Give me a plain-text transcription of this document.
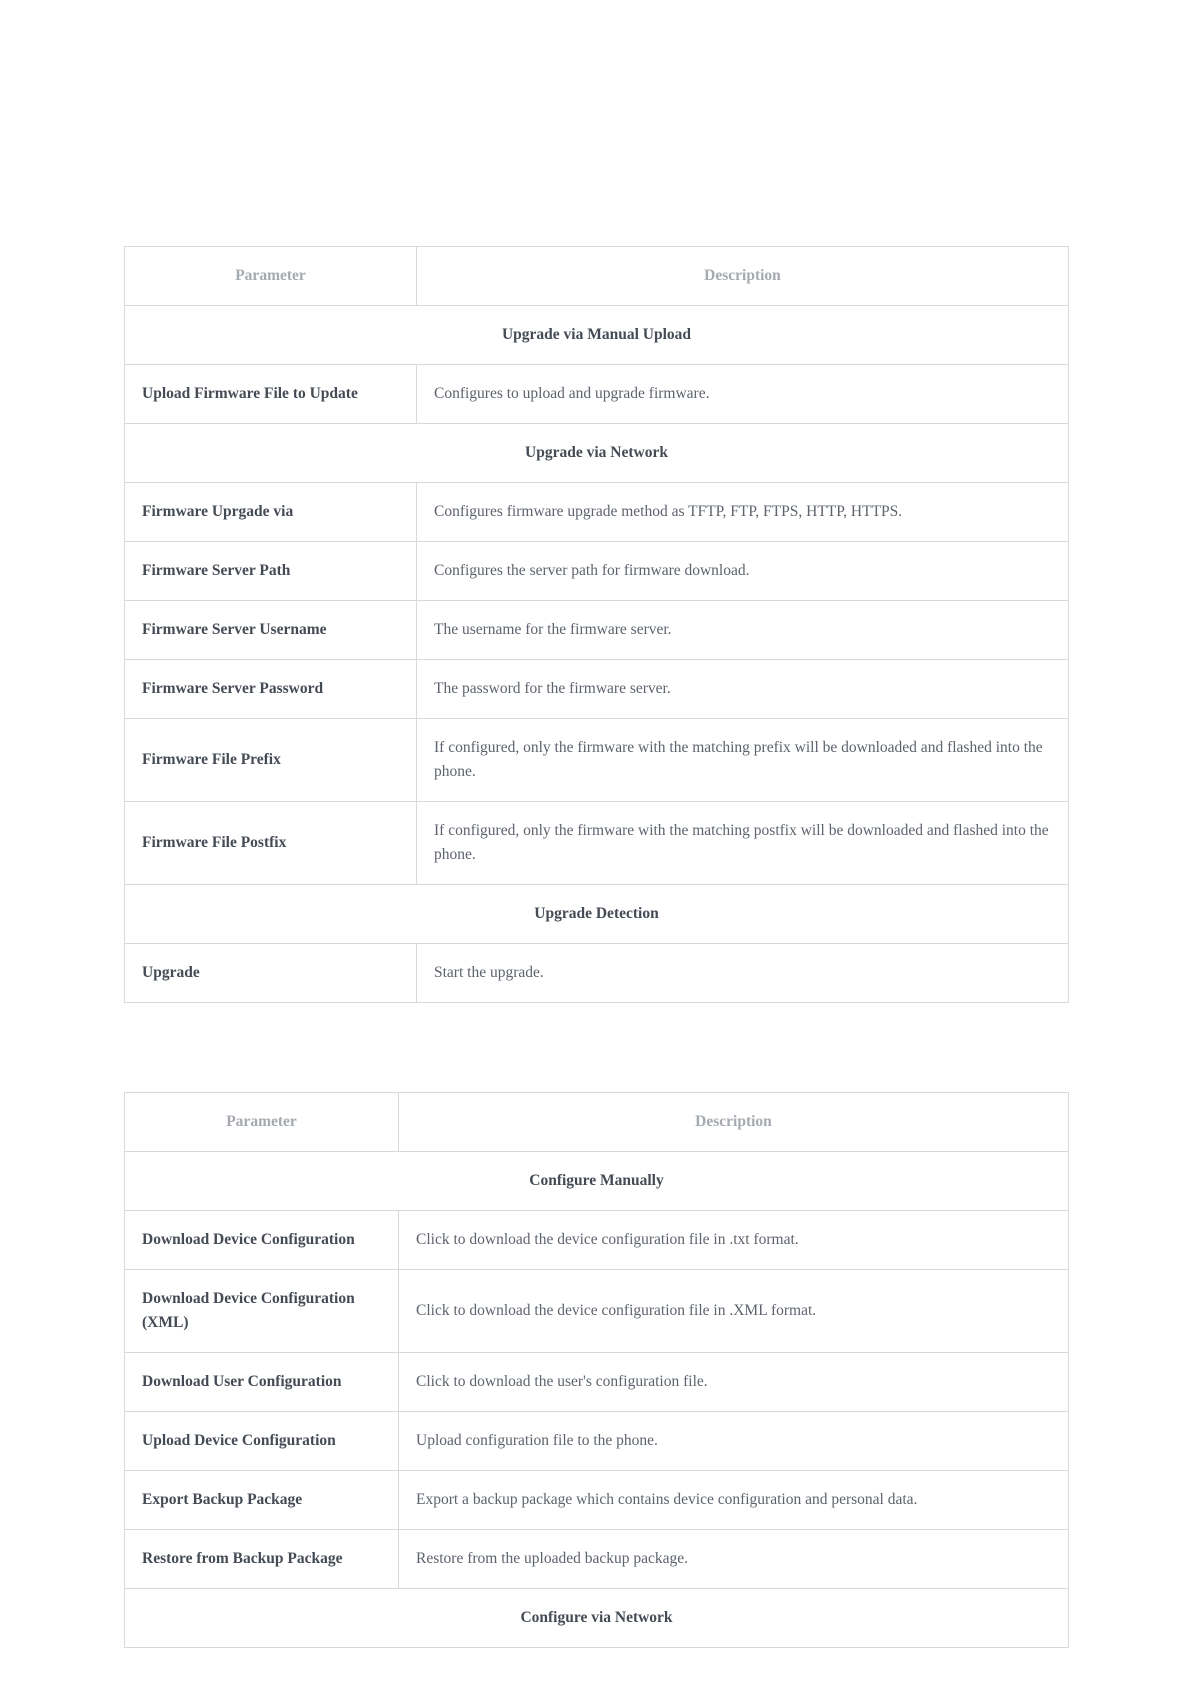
Parameter	Description
Upgrade via Manual Upload	
Upload Firmware File to Update	Configures to upload and upgrade firmware.
Upgrade via Network	
Firmware Uprgade via	Configures firmware upgrade method as TFTP, FTP, FTPS, HTTP, HTTPS.
Firmware Server Path	Configures the server path for firmware download.
Firmware Server Username	The username for the firmware server.
Firmware Server Password	The password for the firmware server.
Firmware File Prefix	If configured, only the firmware with the matching prefix will be downloaded and flashed into the phone.
Firmware File Postfix	If configured, only the firmware with the matching postfix will be downloaded and flashed into the phone.
Upgrade Detection	
Upgrade	Start the upgrade.
Parameter	Description
Configure Manually	
Download Device Configuration	Click to download the device configuration file in .txt format.
Download Device Configuration (XML)	Click to download the device configuration file in .XML format.
Download User Configuration	Click to download the user's configuration file.
Upload Device Configuration	Upload configuration file to the phone.
Export Backup Package	Export a backup package which contains device configuration and personal data.
Restore from Backup Package	Restore from the uploaded backup package.
Configure via Network	
